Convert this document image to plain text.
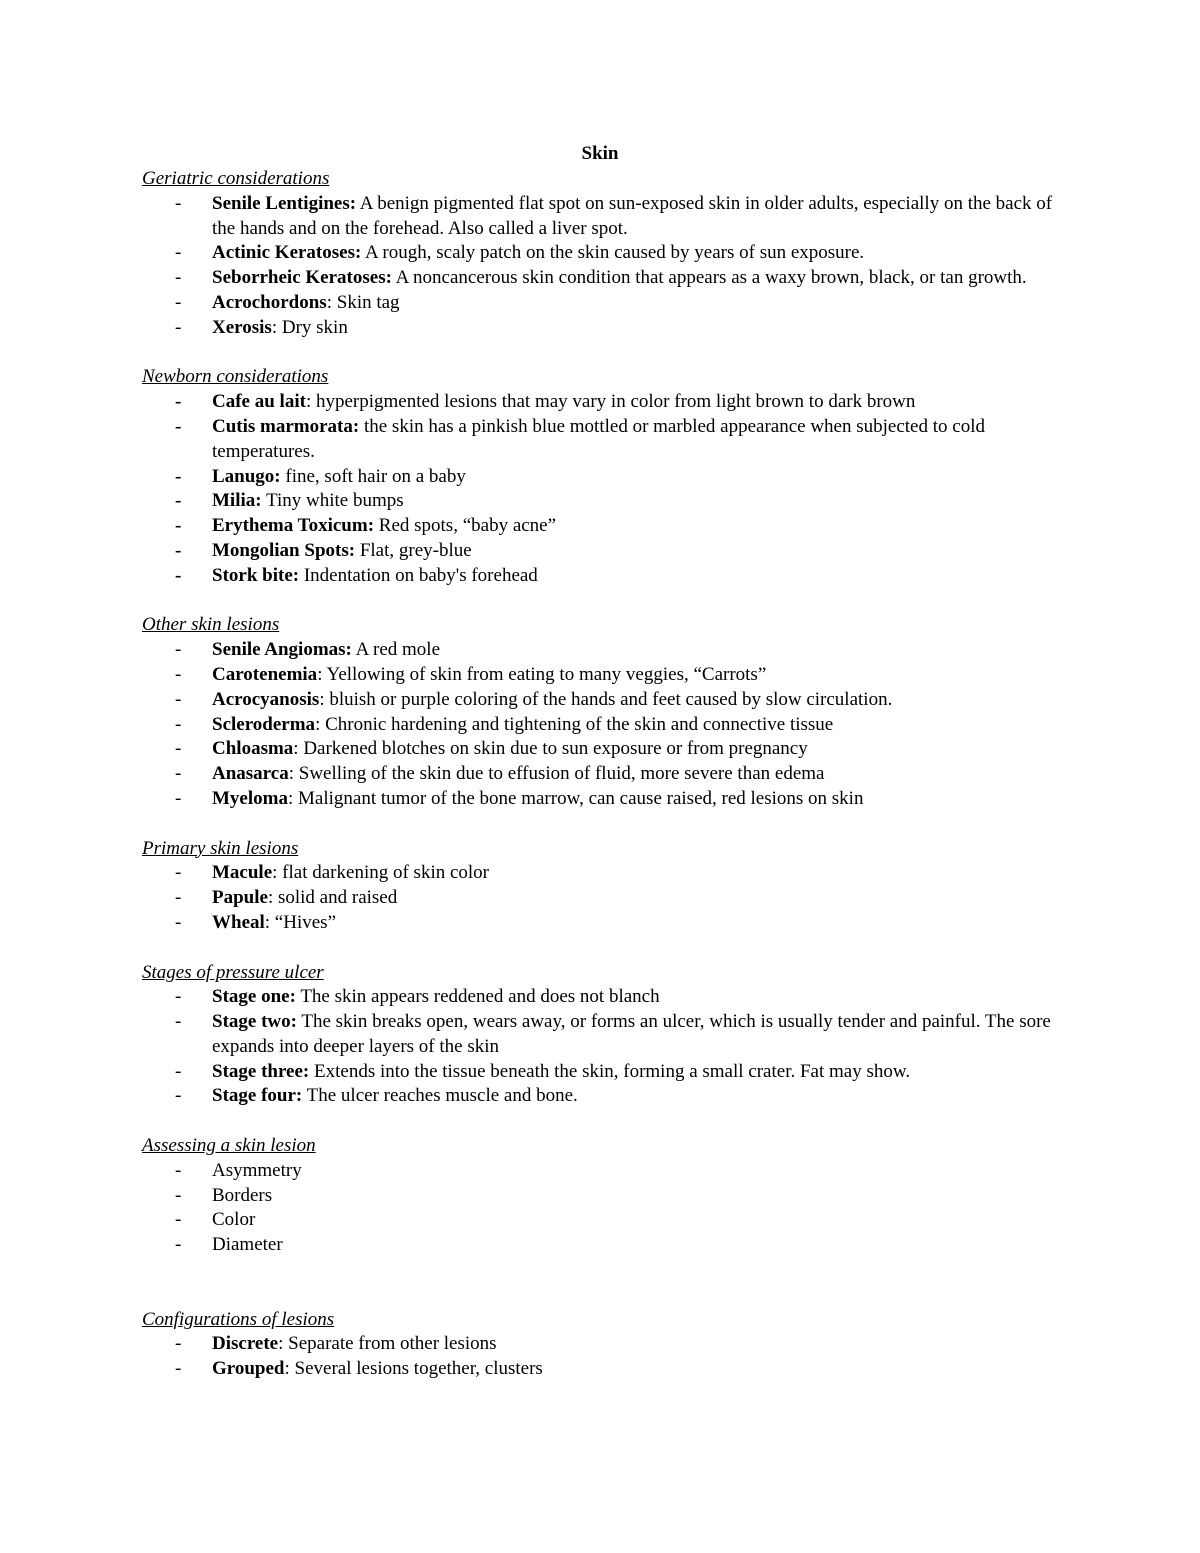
Skin

Geriatric considerations

- Senile Lentigines: A benign pigmented flat spot on sun-exposed skin in older adults, especially on the back of the hands and on the forehead. Also called a liver spot.
- Actinic Keratoses: A rough, scaly patch on the skin caused by years of sun exposure.
- Seborrheic Keratoses: A noncancerous skin condition that appears as a waxy brown, black, or tan growth.
- Acrochordons: Skin tag
- Xerosis: Dry skin

Newborn considerations

- Cafe au lait: hyperpigmented lesions that may vary in color from light brown to dark brown
- Cutis marmorata: the skin has a pinkish blue mottled or marbled appearance when subjected to cold temperatures.
- Lanugo: fine, soft hair on a baby
- Milia: Tiny white bumps
- Erythema Toxicum: Red spots, “baby acne”
- Mongolian Spots: Flat, grey-blue
- Stork bite: Indentation on baby's forehead

Other skin lesions

- Senile Angiomas: A red mole
- Carotenemia: Yellowing of skin from eating to many veggies, “Carrots”
- Acrocyanosis: bluish or purple coloring of the hands and feet caused by slow circulation.
- Scleroderma: Chronic hardening and tightening of the skin and connective tissue
- Chloasma: Darkened blotches on skin due to sun exposure or from pregnancy
- Anasarca: Swelling of the skin due to effusion of fluid, more severe than edema
- Myeloma: Malignant tumor of the bone marrow, can cause raised, red lesions on skin

Primary skin lesions

- Macule: flat darkening of skin color
- Papule: solid and raised
- Wheal: “Hives”

Stages of pressure ulcer

- Stage one: The skin appears reddened and does not blanch
- Stage two: The skin breaks open, wears away, or forms an ulcer, which is usually tender and painful. The sore expands into deeper layers of the skin
- Stage three: Extends into the tissue beneath the skin, forming a small crater. Fat may show.
- Stage four: The ulcer reaches muscle and bone.

Assessing a skin lesion

- Asymmetry
- Borders
- Color
- Diameter

Configurations of lesions

- Discrete: Separate from other lesions
- Grouped: Several lesions together, clusters
